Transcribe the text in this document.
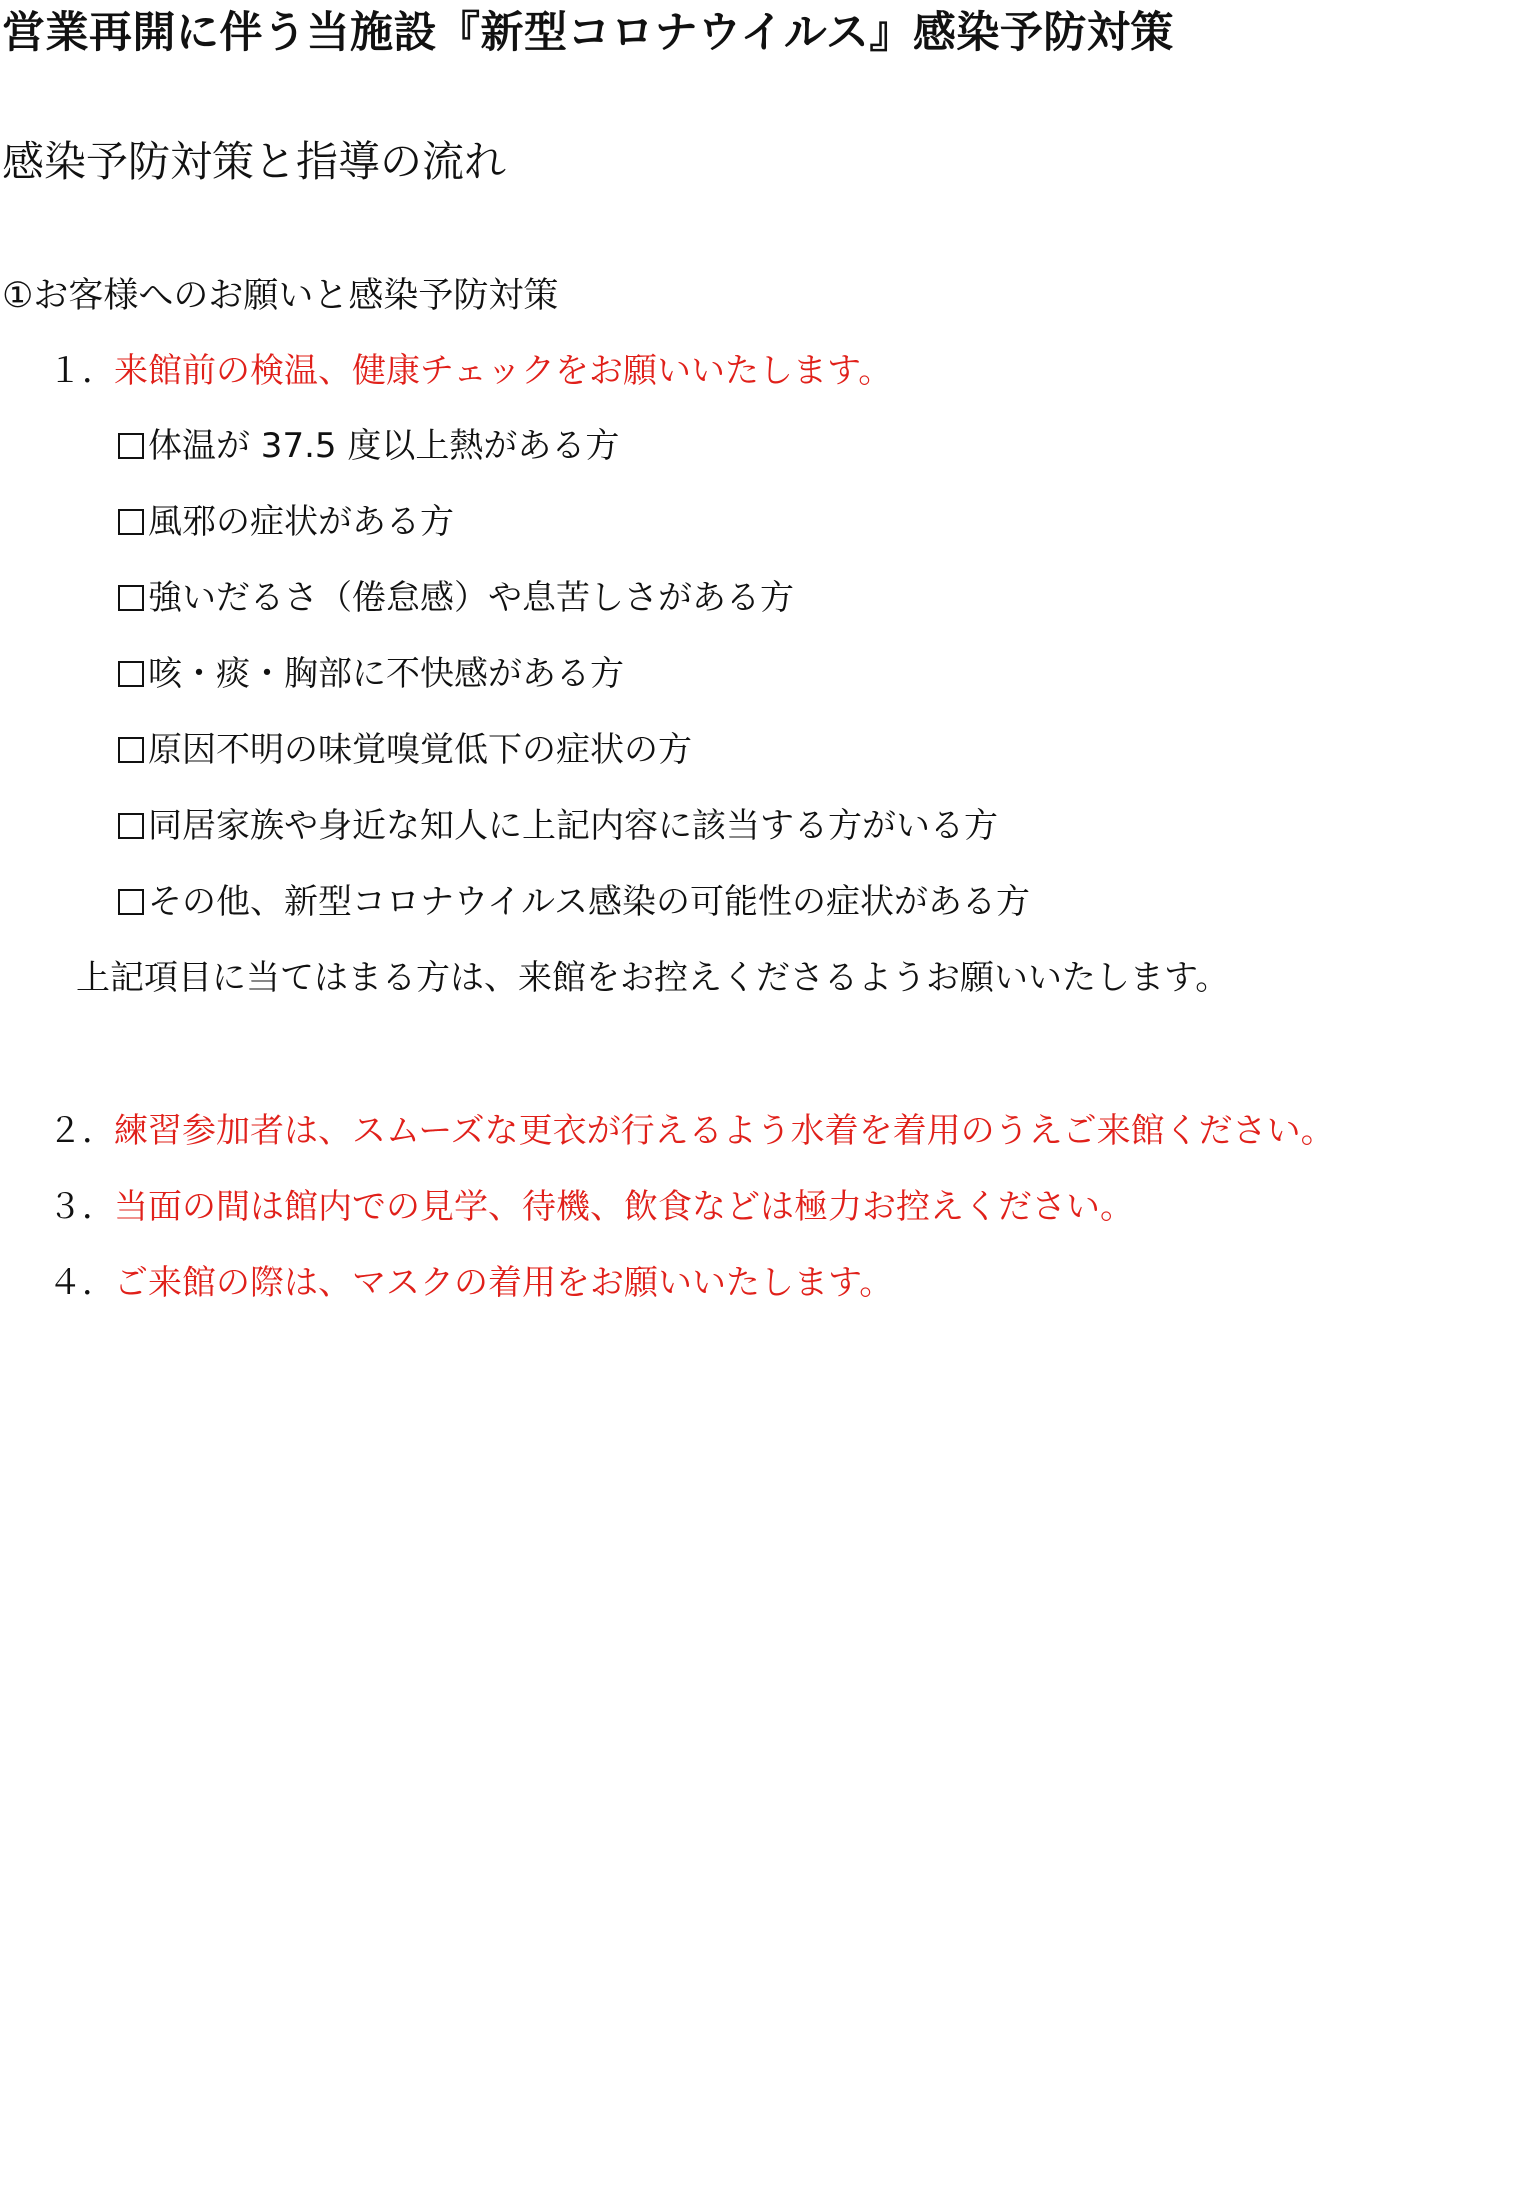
営業再開に伴う当施設『新型コロナウイルス』感染予防対策
感染予防対策と指導の流れ
①お客様へのお願いと感染予防対策
１．来館前の検温、健康チェックをお願いいたします。
体温が 37.5 度以上熱がある方
風邪の症状がある方
強いだるさ（倦怠感）や息苦しさがある方
咳・痰・胸部に不快感がある方
原因不明の味覚嗅覚低下の症状の方
同居家族や身近な知人に上記内容に該当する方がいる方
その他、新型コロナウイルス感染の可能性の症状がある方
上記項目に当てはまる方は、来館をお控えくださるようお願いいたします。
２．練習参加者は、スムーズな更衣が行えるよう水着を着用のうえご来館ください。
３．当面の間は館内での見学、待機、飲食などは極力お控えください。
４．ご来館の際は、マスクの着用をお願いいたします。
